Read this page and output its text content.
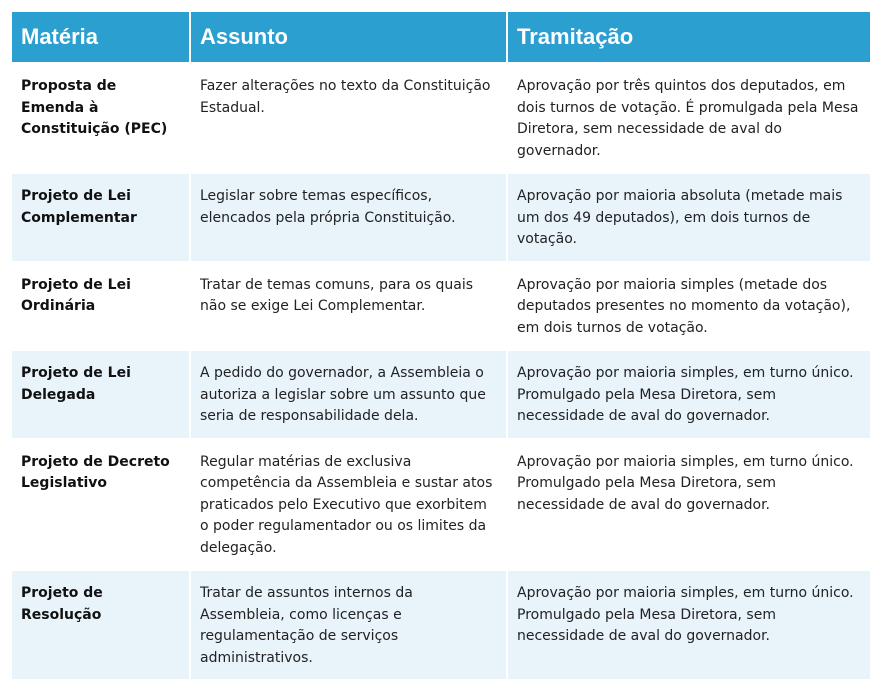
Matéria	Assunto	Tramitação
Proposta de Emenda à Constituição (PEC)	Fazer alterações no texto da Constituição Estadual.	Aprovação por três quintos dos deputados, em dois turnos de votação. É promulgada pela Mesa Diretora, sem necessidade de aval do governador.
Projeto de Lei Complementar	Legislar sobre temas específicos, elencados pela própria Constituição.	Aprovação por maioria absoluta (metade mais um dos 49 deputados), em dois turnos de votação.
Projeto de Lei Ordinária	Tratar de temas comuns, para os quais não se exige Lei Complementar.	Aprovação por maioria simples (metade dos deputados presentes no momento da votação), em dois turnos de votação.
Projeto de Lei Delegada	A pedido do governador, a Assembleia o autoriza a legislar sobre um assunto que seria de responsabilidade dela.	Aprovação por maioria simples, em turno único. Promulgado pela Mesa Diretora, sem necessidade de aval do governador.
Projeto de Decreto Legislativo	Regular matérias de exclusiva competência da Assembleia e sustar atos praticados pelo Executivo que exorbitem o poder regulamentador ou os limites da delegação.	Aprovação por maioria simples, em turno único. Promulgado pela Mesa Diretora, sem necessidade de aval do governador.
Projeto de Resolução	Tratar de assuntos internos da Assembleia, como licenças e regulamentação de serviços administrativos.	Aprovação por maioria simples, em turno único. Promulgado pela Mesa Diretora, sem necessidade de aval do governador.
